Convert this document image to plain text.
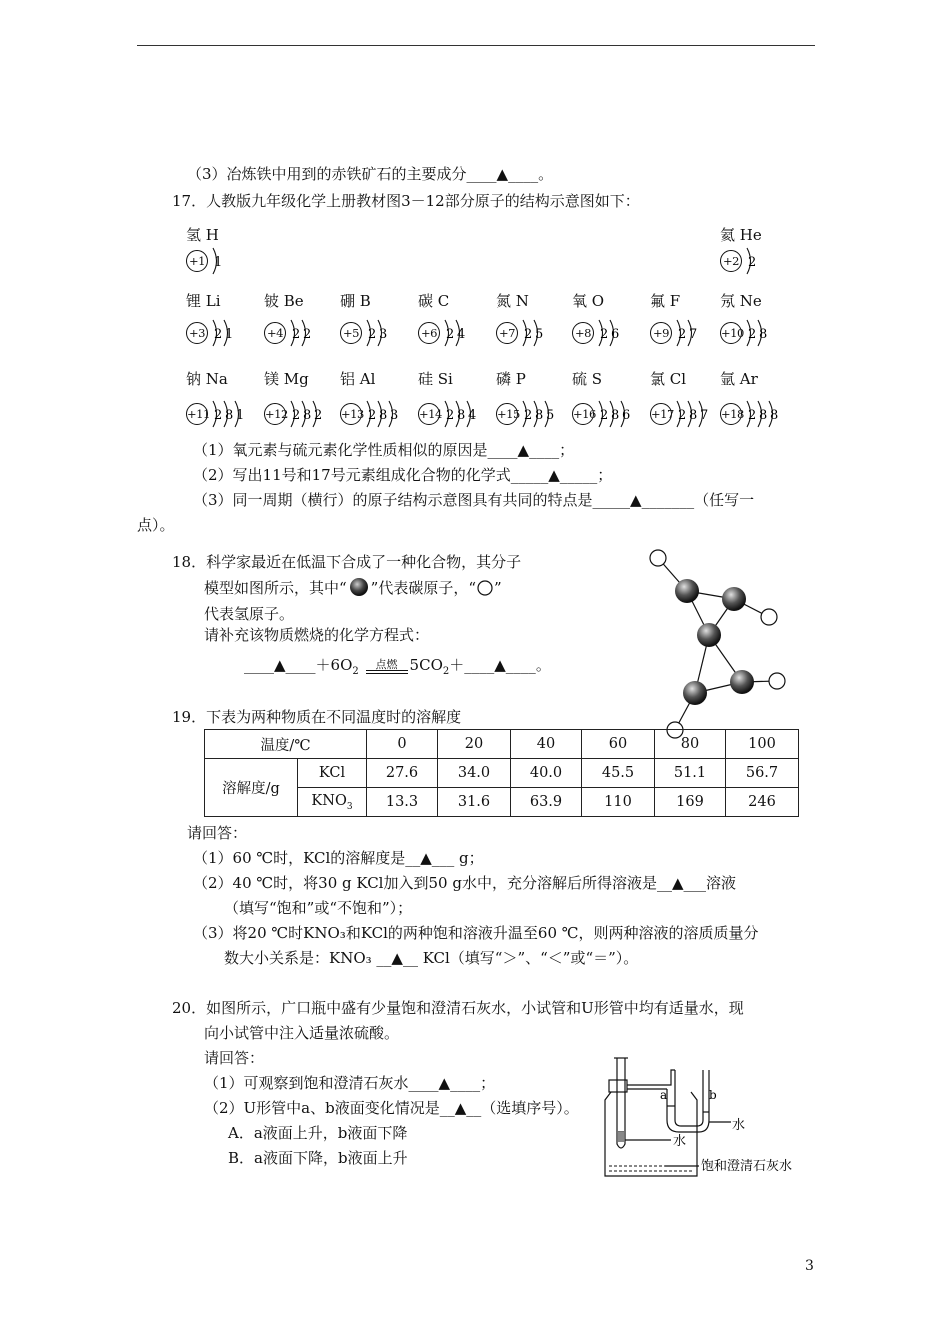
（3）冶炼铁中用到的赤铁矿石的主要成分____▲____。
17．人教版九年级化学上册教材图3－12部分原子的结构示意图如下：
氢 H
+1 1
氦 He
+2 2
锂 Li
+3 2 1
铍 Be
+4 2 2
硼 B
+5 2 3
碳 C
+6 2 4
氮 N
+7 2 5
氧 O
+8 2 6
氟 F
+9 2 7
氖 Ne
+10 2 8
钠 Na
+11 2 8 1
镁 Mg
+12 2 8 2
铝 Al
+13 2 8 3
硅 Si
+14 2 8 4
磷 P
+15 2 8 5
硫 S
+16 2 8 6
氯 Cl
+17 2 8 7
氩 Ar
+18 2 8 8
（1）氧元素与硫元素化学性质相似的原因是____▲____；
（2）写出11号和17号元素组成化合物的化学式_____▲_____；
（3）同一周期（横行）的原子结构示意图具有共同的特点是_____▲_______（任写一
点）。
18．科学家最近在低温下合成了一种化合物，其分子
模型如图所示，其中“ ”代表碳原子，“ ”
代表氢原子。
请补充该物质燃烧的化学方程式：
$\_\_\_\_▲\_\_\_\_+6O_2$ 点燃 $5CO_2+\_\_\_\_▲\_\_\_\_$。
19．下表为两种物质在不同温度时的溶解度
温度/℃		0	20	40	60	80	100
溶解度/g	KCl	27.6	34.0	40.0	45.5	51.1	56.7
	$KNO_3$	13.3	31.6	63.9	110	169	246
请回答：
（1）60 ℃时，KCl的溶解度是__▲___ g；
（2）40 ℃时，将30 g KCl加入到50 g水中，充分溶解后所得溶液是__▲___溶液
（填写“饱和”或“不饱和”）；
（3）将20 ℃时KNO₃和KCl的两种饱和溶液升温至60 ℃，则两种溶液的溶质质量分
数大小关系是：KNO₃ __▲__ KCl（填写“＞”、“＜”或“＝”）。
20．如图所示，广口瓶中盛有少量饱和澄清石灰水，小试管和U形管中均有适量水，现
向小试管中注入适量浓硫酸。
请回答：
（1）可观察到饱和澄清石灰水____▲____；
（2）U形管中a、b液面变化情况是__▲__（选填序号）。
A．a液面上升，b液面下降
B．a液面下降，b液面上升
a	b
水
水
饱和澄清石灰水
3
